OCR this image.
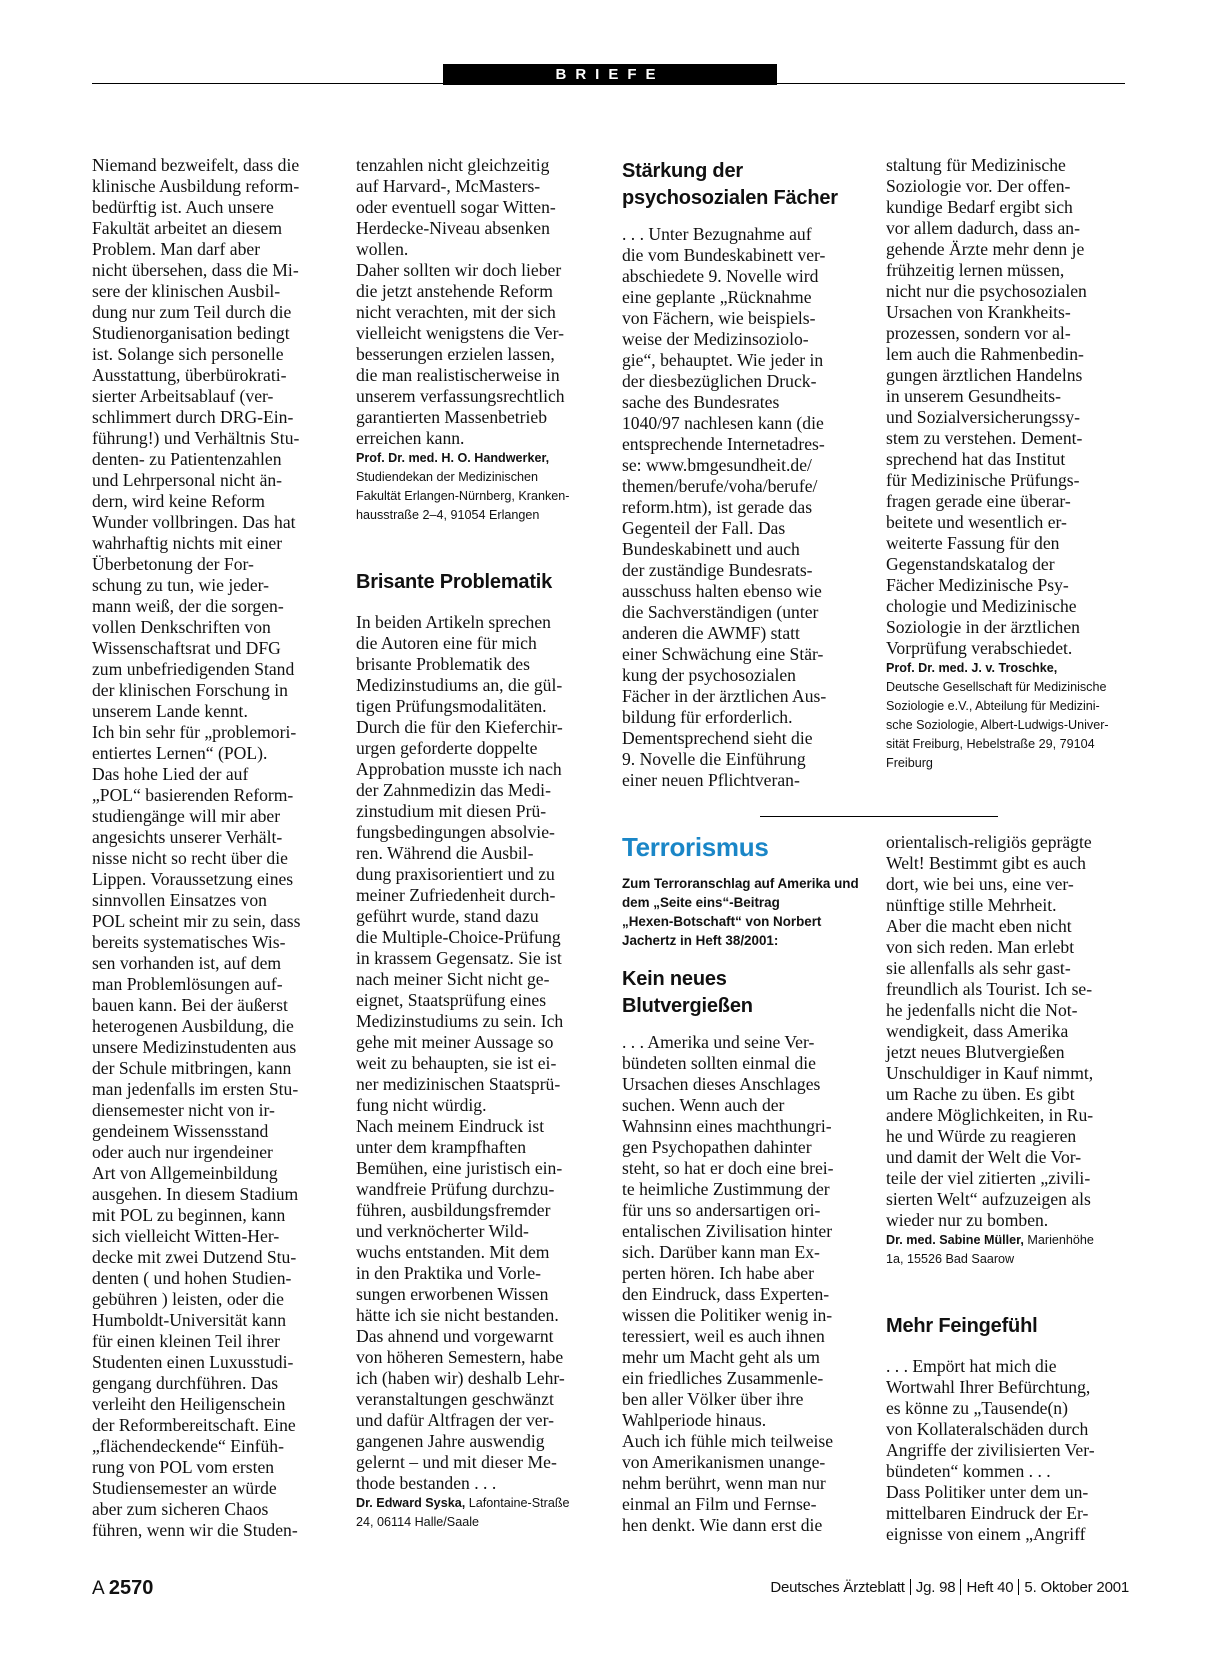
BRIEFE

Niemand bezweifelt, dass die
klinische Ausbildung reform-
bedürftig ist. Auch unsere
Fakultät arbeitet an diesem
Problem. Man darf aber
nicht übersehen, dass die Mi-
sere der klinischen Ausbil-
dung nur zum Teil durch die
Studienorganisation bedingt
ist. Solange sich personelle
Ausstattung, überbürokrati-
sierter Arbeitsablauf (ver-
schlimmert durch DRG-Ein-
führung!) und Verhältnis Stu-
denten- zu Patientenzahlen
und Lehrpersonal nicht än-
dern, wird keine Reform
Wunder vollbringen. Das hat
wahrhaftig nichts mit einer
Überbetonung der For-
schung zu tun, wie jeder-
mann weiß, der die sorgen-
vollen Denkschriften von
Wissenschaftsrat und DFG
zum unbefriedigenden Stand
der klinischen Forschung in
unserem Lande kennt.
Ich bin sehr für „problemori-
entiertes Lernen“ (POL).
Das hohe Lied der auf
„POL“ basierenden Reform-
studiengänge will mir aber
angesichts unserer Verhält-
nisse nicht so recht über die
Lippen. Voraussetzung eines
sinnvollen Einsatzes von
POL scheint mir zu sein, dass
bereits systematisches Wis-
sen vorhanden ist, auf dem
man Problemlösungen auf-
bauen kann. Bei der äußerst
heterogenen Ausbildung, die
unsere Medizinstudenten aus
der Schule mitbringen, kann
man jedenfalls im ersten Stu-
diensemester nicht von ir-
gendeinem Wissensstand
oder auch nur irgendeiner
Art von Allgemeinbildung
ausgehen. In diesem Stadium
mit POL zu beginnen, kann
sich vielleicht Witten-Her-
decke mit zwei Dutzend Stu-
denten ( und hohen Studien-
gebühren ) leisten, oder die
Humboldt-Universität kann
für einen kleinen Teil ihrer
Studenten einen Luxusstudi-
gengang durchführen. Das
verleiht den Heiligenschein
der Reformbereitschaft. Eine
„flächendeckende“ Einfüh-
rung von POL vom ersten
Studiensemester an würde
aber zum sicheren Chaos
führen, wenn wir die Studen-

tenzahlen nicht gleichzeitig
auf Harvard-, McMasters-
oder eventuell sogar Witten-
Herdecke-Niveau absenken
wollen.
Daher sollten wir doch lieber
die jetzt anstehende Reform
nicht verachten, mit der sich
vielleicht wenigstens die Ver-
besserungen erzielen lassen,
die man realistischerweise in
unserem verfassungsrechtlich
garantierten Massenbetrieb
erreichen kann.

Prof. Dr. med. H. O. Handwerker,
Studiendekan der Medizinischen
Fakultät Erlangen-Nürnberg, Kranken-
hausstraße 2–4, 91054 Erlangen

Brisante Problematik

In beiden Artikeln sprechen
die Autoren eine für mich
brisante Problematik des
Medizinstudiums an, die gül-
tigen Prüfungsmodalitäten.
Durch die für den Kieferchir-
urgen geforderte doppelte
Approbation musste ich nach
der Zahnmedizin das Medi-
zinstudium mit diesen Prü-
fungsbedingungen absolvie-
ren. Während die Ausbil-
dung praxisorientiert und zu
meiner Zufriedenheit durch-
geführt wurde, stand dazu
die Multiple-Choice-Prüfung
in krassem Gegensatz. Sie ist
nach meiner Sicht nicht ge-
eignet, Staatsprüfung eines
Medizinstudiums zu sein. Ich
gehe mit meiner Aussage so
weit zu behaupten, sie ist ei-
ner medizinischen Staatsprü-
fung nicht würdig.
Nach meinem Eindruck ist
unter dem krampfhaften
Bemühen, eine juristisch ein-
wandfreie Prüfung durchzu-
führen, ausbildungsfremder
und verknöcherter Wild-
wuchs entstanden. Mit dem
in den Praktika und Vorle-
sungen erworbenen Wissen
hätte ich sie nicht bestanden.
Das ahnend und vorgewarnt
von höheren Semestern, habe
ich (haben wir) deshalb Lehr-
veranstaltungen geschwänzt
und dafür Altfragen der ver-
gangenen Jahre auswendig
gelernt – und mit dieser Me-
thode bestanden . . .

Dr. Edward Syska, Lafontaine-Straße
24, 06114 Halle/Saale

Stärkung der
psychosozialen Fächer

. . . Unter Bezugnahme auf
die vom Bundeskabinett ver-
abschiedete 9. Novelle wird
eine geplante „Rücknahme
von Fächern, wie beispiels-
weise der Medizinsoziolo-
gie“, behauptet. Wie jeder in
der diesbezüglichen Druck-
sache des Bundesrates
1040/97 nachlesen kann (die
entsprechende Internetadres-
se: www.bmgesundheit.de/
themen/berufe/voha/berufe/
reform.htm), ist gerade das
Gegenteil der Fall. Das
Bundeskabinett und auch
der zuständige Bundesrats-
ausschuss halten ebenso wie
die Sachverständigen (unter
anderen die AWMF) statt
einer Schwächung eine Stär-
kung der psychosozialen
Fächer in der ärztlichen Aus-
bildung für erforderlich.
Dementsprechend sieht die
9. Novelle die Einführung
einer neuen Pflichtveran-

Terrorismus

Zum Terroranschlag auf Amerika und
dem „Seite eins“-Beitrag
„Hexen-Botschaft“ von Norbert
Jachertz in Heft 38/2001:

Kein neues
Blutvergießen

. . . Amerika und seine Ver-
bündeten sollten einmal die
Ursachen dieses Anschlages
suchen. Wenn auch der
Wahnsinn eines machthungri-
gen Psychopathen dahinter
steht, so hat er doch eine brei-
te heimliche Zustimmung der
für uns so andersartigen ori-
entalischen Zivilisation hinter
sich. Darüber kann man Ex-
perten hören. Ich habe aber
den Eindruck, dass Experten-
wissen die Politiker wenig in-
teressiert, weil es auch ihnen
mehr um Macht geht als um
ein friedliches Zusammenle-
ben aller Völker über ihre
Wahlperiode hinaus.
Auch ich fühle mich teilweise
von Amerikanismen unange-
nehm berührt, wenn man nur
einmal an Film und Fernse-
hen denkt. Wie dann erst die

staltung für Medizinische
Soziologie vor. Der offen-
kundige Bedarf ergibt sich
vor allem dadurch, dass an-
gehende Ärzte mehr denn je
frühzeitig lernen müssen,
nicht nur die psychosozialen
Ursachen von Krankheits-
prozessen, sondern vor al-
lem auch die Rahmenbedin-
gungen ärztlichen Handelns
in unserem Gesundheits-
und Sozialversicherungssy-
stem zu verstehen. Dement-
sprechend hat das Institut
für Medizinische Prüfungs-
fragen gerade eine überar-
beitete und wesentlich er-
weiterte Fassung für den
Gegenstandskatalog der
Fächer Medizinische Psy-
chologie und Medizinische
Soziologie in der ärztlichen
Vorprüfung verabschiedet.

Prof. Dr. med. J. v. Troschke,
Deutsche Gesellschaft für Medizinische
Soziologie e.V., Abteilung für Medizini-
sche Soziologie, Albert-Ludwigs-Univer-
sität Freiburg, Hebelstraße 29, 79104
Freiburg

orientalisch-religiös geprägte
Welt! Bestimmt gibt es auch
dort, wie bei uns, eine ver-
nünftige stille Mehrheit.
Aber die macht eben nicht
von sich reden. Man erlebt
sie allenfalls als sehr gast-
freundlich als Tourist. Ich se-
he jedenfalls nicht die Not-
wendigkeit, dass Amerika
jetzt neues Blutvergießen
Unschuldiger in Kauf nimmt,
um Rache zu üben. Es gibt
andere Möglichkeiten, in Ru-
he und Würde zu reagieren
und damit der Welt die Vor-
teile der viel zitierten „zivili-
sierten Welt“ aufzuzeigen als
wieder nur zu bomben.

Dr. med. Sabine Müller, Marienhöhe
1a, 15526 Bad Saarow

Mehr Feingefühl

. . . Empört hat mich die
Wortwahl Ihrer Befürchtung,
es könne zu „Tausende(n)
von Kollateralschäden durch
Angriffe der zivilisierten Ver-
bündeten“ kommen . . .
Dass Politiker unter dem un-
mittelbaren Eindruck der Er-
eignisse von einem „Angriff

A 2570	Deutsches Ärzteblatt Jg. 98 Heft 40 5. Oktober 2001
